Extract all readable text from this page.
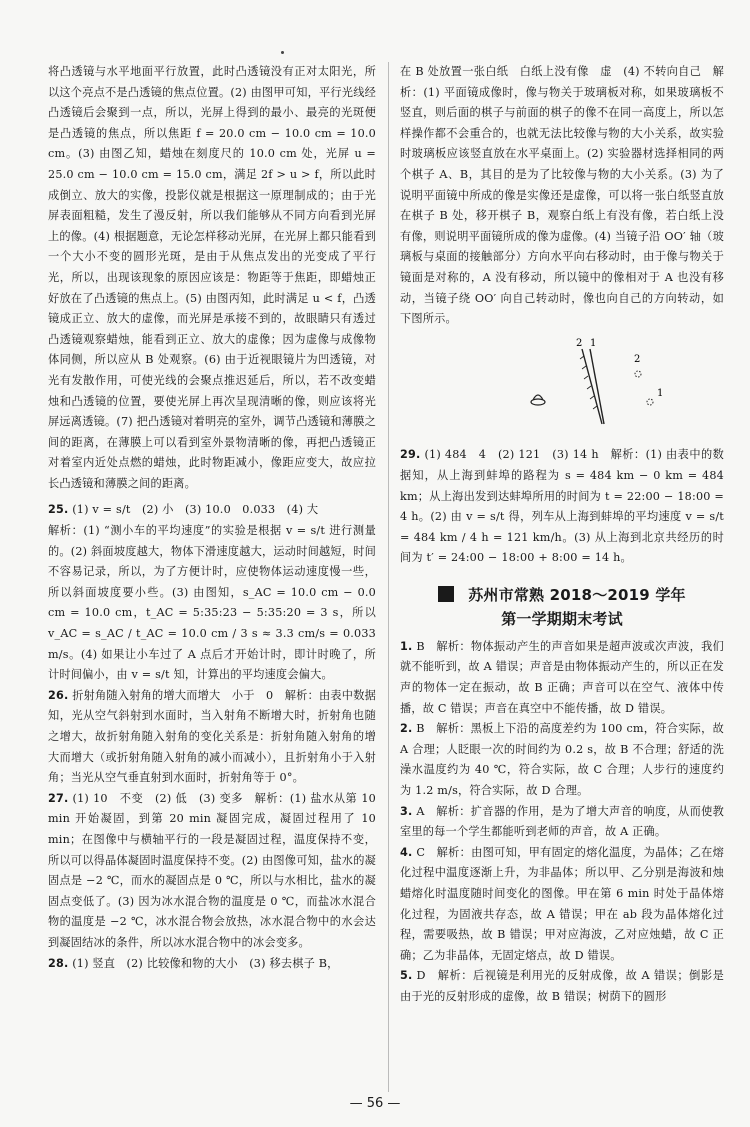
将凸透镜与水平地面平行放置，此时凸透镜没有正对太阳光，所以这个亮点不是凸透镜的焦点位置。(2) 由图甲可知，平行光线经凸透镜后会聚到一点，所以，光屏上得到的最小、最亮的光斑便是凸透镜的焦点，所以焦距 f = 20.0 cm − 10.0 cm = 10.0 cm。(3) 由图乙知，蜡烛在刻度尺的 10.0 cm 处，光屏 u = 25.0 cm − 10.0 cm = 15.0 cm，满足 2f > u > f，所以此时成倒立、放大的实像，投影仪就是根据这一原理制成的；由于光屏表面粗糙，发生了漫反射，所以我们能够从不同方向看到光屏上的像。(4) 根据题意，无论怎样移动光屏，在光屏上都只能看到一个大小不变的圆形光斑，是由于从焦点发出的光变成了平行光，所以，出现该现象的原因应该是：物距等于焦距，即蜡烛正好放在了凸透镜的焦点上。(5) 由图丙知，此时满足 u < f，凸透镜成正立、放大的虚像，而光屏是承接不到的，故眼睛只有透过凸透镜观察蜡烛，能看到正立、放大的虚像；因为虚像与成像物体同侧，所以应从 B 处观察。(6) 由于近视眼镜片为凹透镜，对光有发散作用，可使光线的会聚点推迟延后，所以，若不改变蜡烛和凸透镜的位置，要使光屏上再次呈现清晰的像，则应该将光屏远离透镜。(7) 把凸透镜对着明亮的室外，调节凸透镜和薄膜之间的距离，在薄膜上可以看到室外景物清晰的像，再把凸透镜正对着室内近处点燃的蜡烛，此时物距减小，像距应变大，故应拉长凸透镜和薄膜之间的距离。

25. (1) v = s/t　(2) 小　(3) 10.0　0.033　(4) 大

解析：(1) “测小车的平均速度”的实验是根据 v = s/t 进行测量的。(2) 斜面坡度越大，物体下滑速度越大，运动时间越短，时间不容易记录，所以，为了方便计时，应使物体运动速度慢一些，所以斜面坡度要小些。(3) 由图知，s_AC = 10.0 cm − 0.0 cm = 10.0 cm，t_AC = 5:35:23 − 5:35:20 = 3 s，所以 v_AC = s_AC / t_AC = 10.0 cm / 3 s ≈ 3.3 cm/s = 0.033 m/s。(4) 如果让小车过了 A 点后才开始计时，即计时晚了，所计时间偏小，由 v = s/t 知，计算出的平均速度会偏大。

26. 折射角随入射角的增大而增大　小于　0　解析：由表中数据知，光从空气斜射到水面时，当入射角不断增大时，折射角也随之增大，故折射角随入射角的变化关系是：折射角随入射角的增大而增大（或折射角随入射角的减小而减小），且折射角小于入射角；当光从空气垂直射到水面时，折射角等于 0°。

27. (1) 10　不变　(2) 低　(3) 变多　解析：(1) 盐水从第 10 min 开始凝固，到第 20 min 凝固完成，凝固过程用了 10 min；在图像中与横轴平行的一段是凝固过程，温度保持不变，所以可以得晶体凝固时温度保持不变。(2) 由图像可知，盐水的凝固点是 −2 ℃，而水的凝固点是 0 ℃，所以与水相比，盐水的凝固点变低了。(3) 因为冰水混合物的温度是 0 ℃，而盐冰水混合物的温度是 −2 ℃，冰水混合物会放热，冰水混合物中的水会达到凝固结冰的条件，所以冰水混合物中的冰会变多。

28. (1) 竖直　(2) 比较像和物的大小　(3) 移去棋子 B，

在 B 处放置一张白纸　白纸上没有像　虚　(4) 不转向自己　解析：(1) 平面镜成像时，像与物关于玻璃板对称，如果玻璃板不竖直，则后面的棋子与前面的棋子的像不在同一高度上，所以怎样操作都不会重合的，也就无法比较像与物的大小关系，故实验时玻璃板应该竖直放在水平桌面上。(2) 实验器材选择相同的两个棋子 A、B，其目的是为了比较像与物的大小关系。(3) 为了说明平面镜中所成的像是实像还是虚像，可以将一张白纸竖直放在棋子 B 处，移开棋子 B，观察白纸上有没有像，若白纸上没有像，则说明平面镜所成的像为虚像。(4) 当镜子沿 OO′ 轴（玻璃板与桌面的接触部分）方向水平向右移动时，由于像与物关于镜面是对称的，A 没有移动，所以镜中的像相对于 A 也没有移动，当镜子绕 OO′ 向自己转动时，像也向自己的方向转动，如下图所示。

2 1
2
1

29. (1) 484　4　(2) 121　(3) 14 h　解析：(1) 由表中的数据知，从上海到蚌埠的路程为 s = 484 km − 0 km = 484 km；从上海出发到达蚌埠所用的时间为 t = 22:00 − 18:00 = 4 h。(2) 由 v = s/t 得，列车从上海到蚌埠的平均速度 v = s/t = 484 km / 4 h = 121 km/h。(3) 从上海到北京共经历的时间为 t′ = 24:00 − 18:00 + 8:00 = 14 h。

苏州市常熟 2018～2019 学年
第一学期期末考试

1. B　解析：物体振动产生的声音如果是超声波或次声波，我们就不能听到，故 A 错误；声音是由物体振动产生的，所以正在发声的物体一定在振动，故 B 正确；声音可以在空气、液体中传播，故 C 错误；声音在真空中不能传播，故 D 错误。

2. B　解析：黑板上下沿的高度差约为 100 cm，符合实际，故 A 合理；人眨眼一次的时间约为 0.2 s，故 B 不合理；舒适的洗澡水温度约为 40 ℃，符合实际，故 C 合理；人步行的速度约为 1.2 m/s，符合实际，故 D 合理。

3. A　解析：扩音器的作用，是为了增大声音的响度，从而使教室里的每一个学生都能听到老师的声音，故 A 正确。

4. C　解析：由图可知，甲有固定的熔化温度，为晶体；乙在熔化过程中温度逐渐上升，为非晶体；所以甲、乙分别是海波和烛蜡熔化时温度随时间变化的图像。甲在第 6 min 时处于晶体熔化过程，为固液共存态，故 A 错误；甲在 ab 段为晶体熔化过程，需要吸热，故 B 错误；甲对应海波，乙对应烛蜡，故 C 正确；乙为非晶体，无固定熔点，故 D 错误。

5. D　解析：后视镜是利用光的反射成像，故 A 错误；倒影是由于光的反射形成的虚像，故 B 错误；树荫下的圆形

— 56 —
